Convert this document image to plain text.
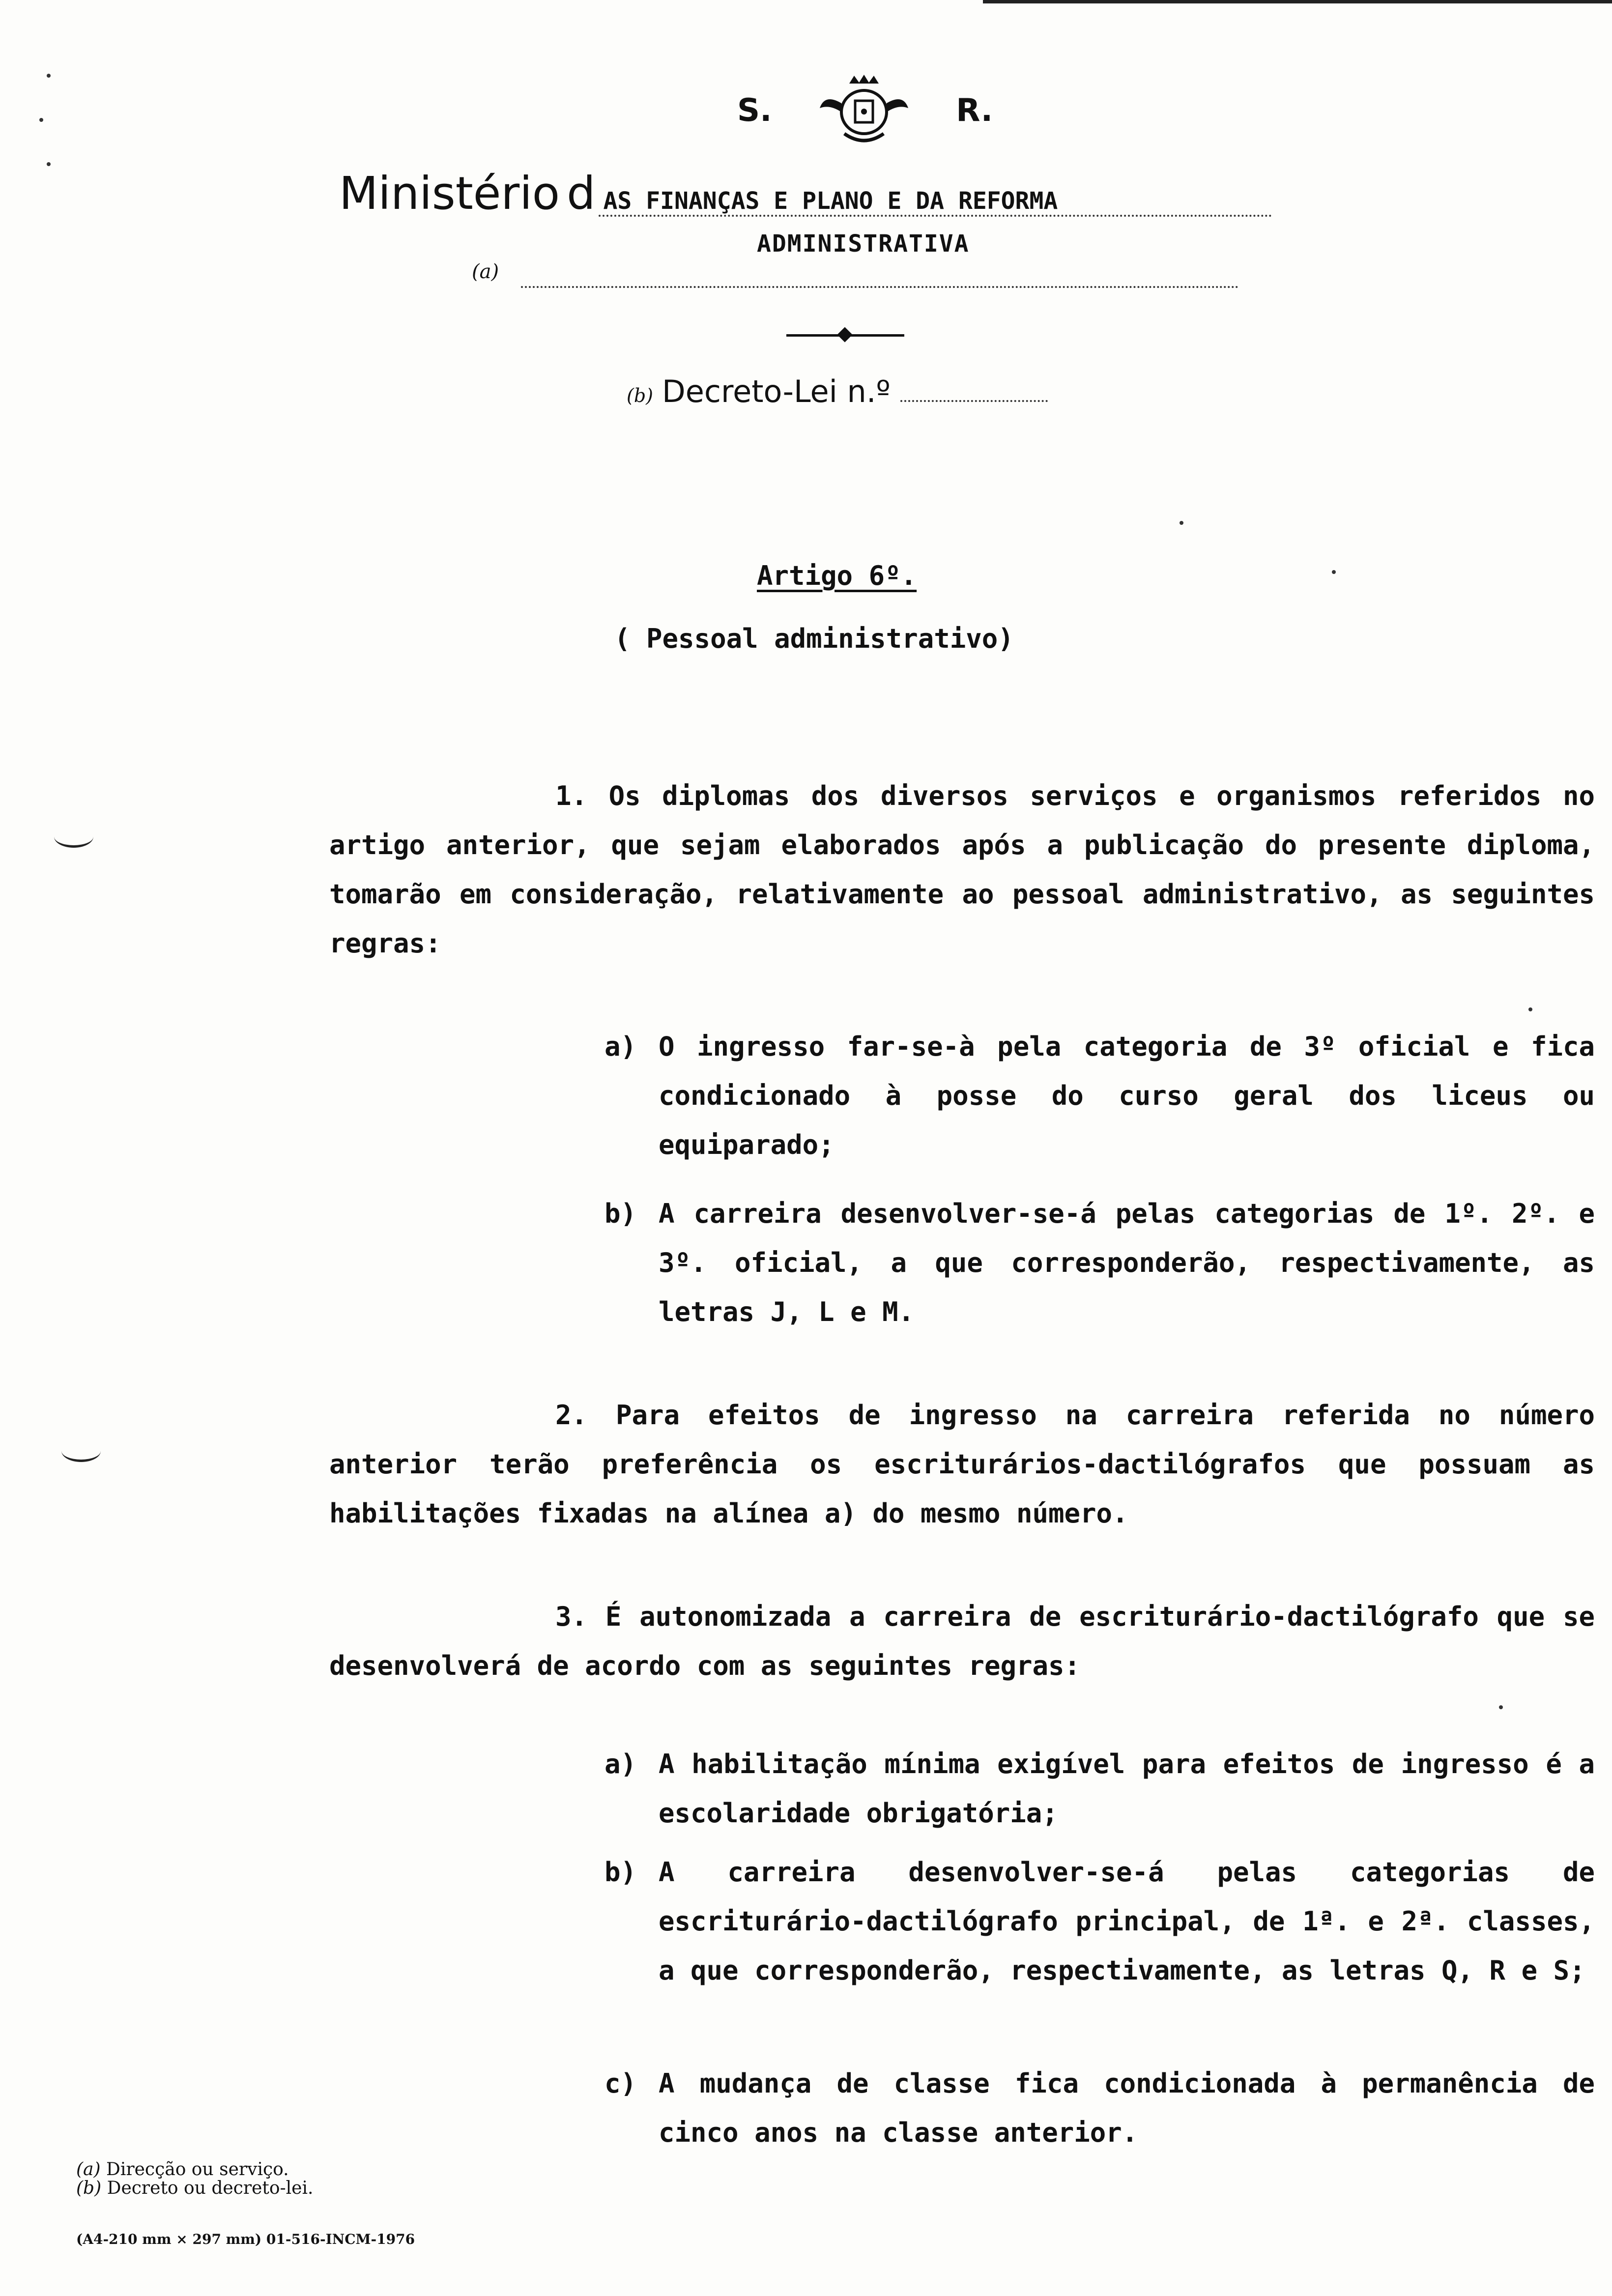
S.	R.
Ministério d AS FINANÇAS E PLANO E DA REFORMA
ADMINISTRATIVA
(a)
(b) Decreto-Lei n.º
Artigo 6º.
( Pessoal administrativo)

1. Os diplomas dos diversos serviços e organismos referidos no artigo anterior, que sejam elaborados após a publicação do presente diploma, tomarão em consideração, relativamente ao pessoal administrativo, as seguintes regras:

a) O ingresso far-se-à pela categoria de 3º oficial e fica condicionado à posse do curso geral dos liceus ou equiparado;
b) A carreira desenvolver-se-á pelas categorias de 1º. 2º. e 3º. oficial, a que corresponderão, respectivamente, as letras J, L e M.

2. Para efeitos de ingresso na carreira referida no número anterior terão preferência os escriturários-dactilógrafos que possuam as habilitações fixadas na alínea a) do mesmo número.

3. É autonomizada a carreira de escriturário-dactilógrafo que se desenvolverá de acordo com as seguintes regras:

a) A habilitação mínima exigível para efeitos de ingresso é a escolaridade obrigatória;
b) A carreira desenvolver-se-á pelas categorias de escriturário-dactilógrafo principal, de 1ª. e 2ª. classes, a que corresponderão, respectivamente, as letras Q, R e S;
c) A mudança de classe fica condicionada à permanência de cinco anos na classe anterior.
(a) Direcção ou serviço.
(b) Decreto ou decreto-lei.
(A4-210 mm × 297 mm) 01-516-INCM-1976
